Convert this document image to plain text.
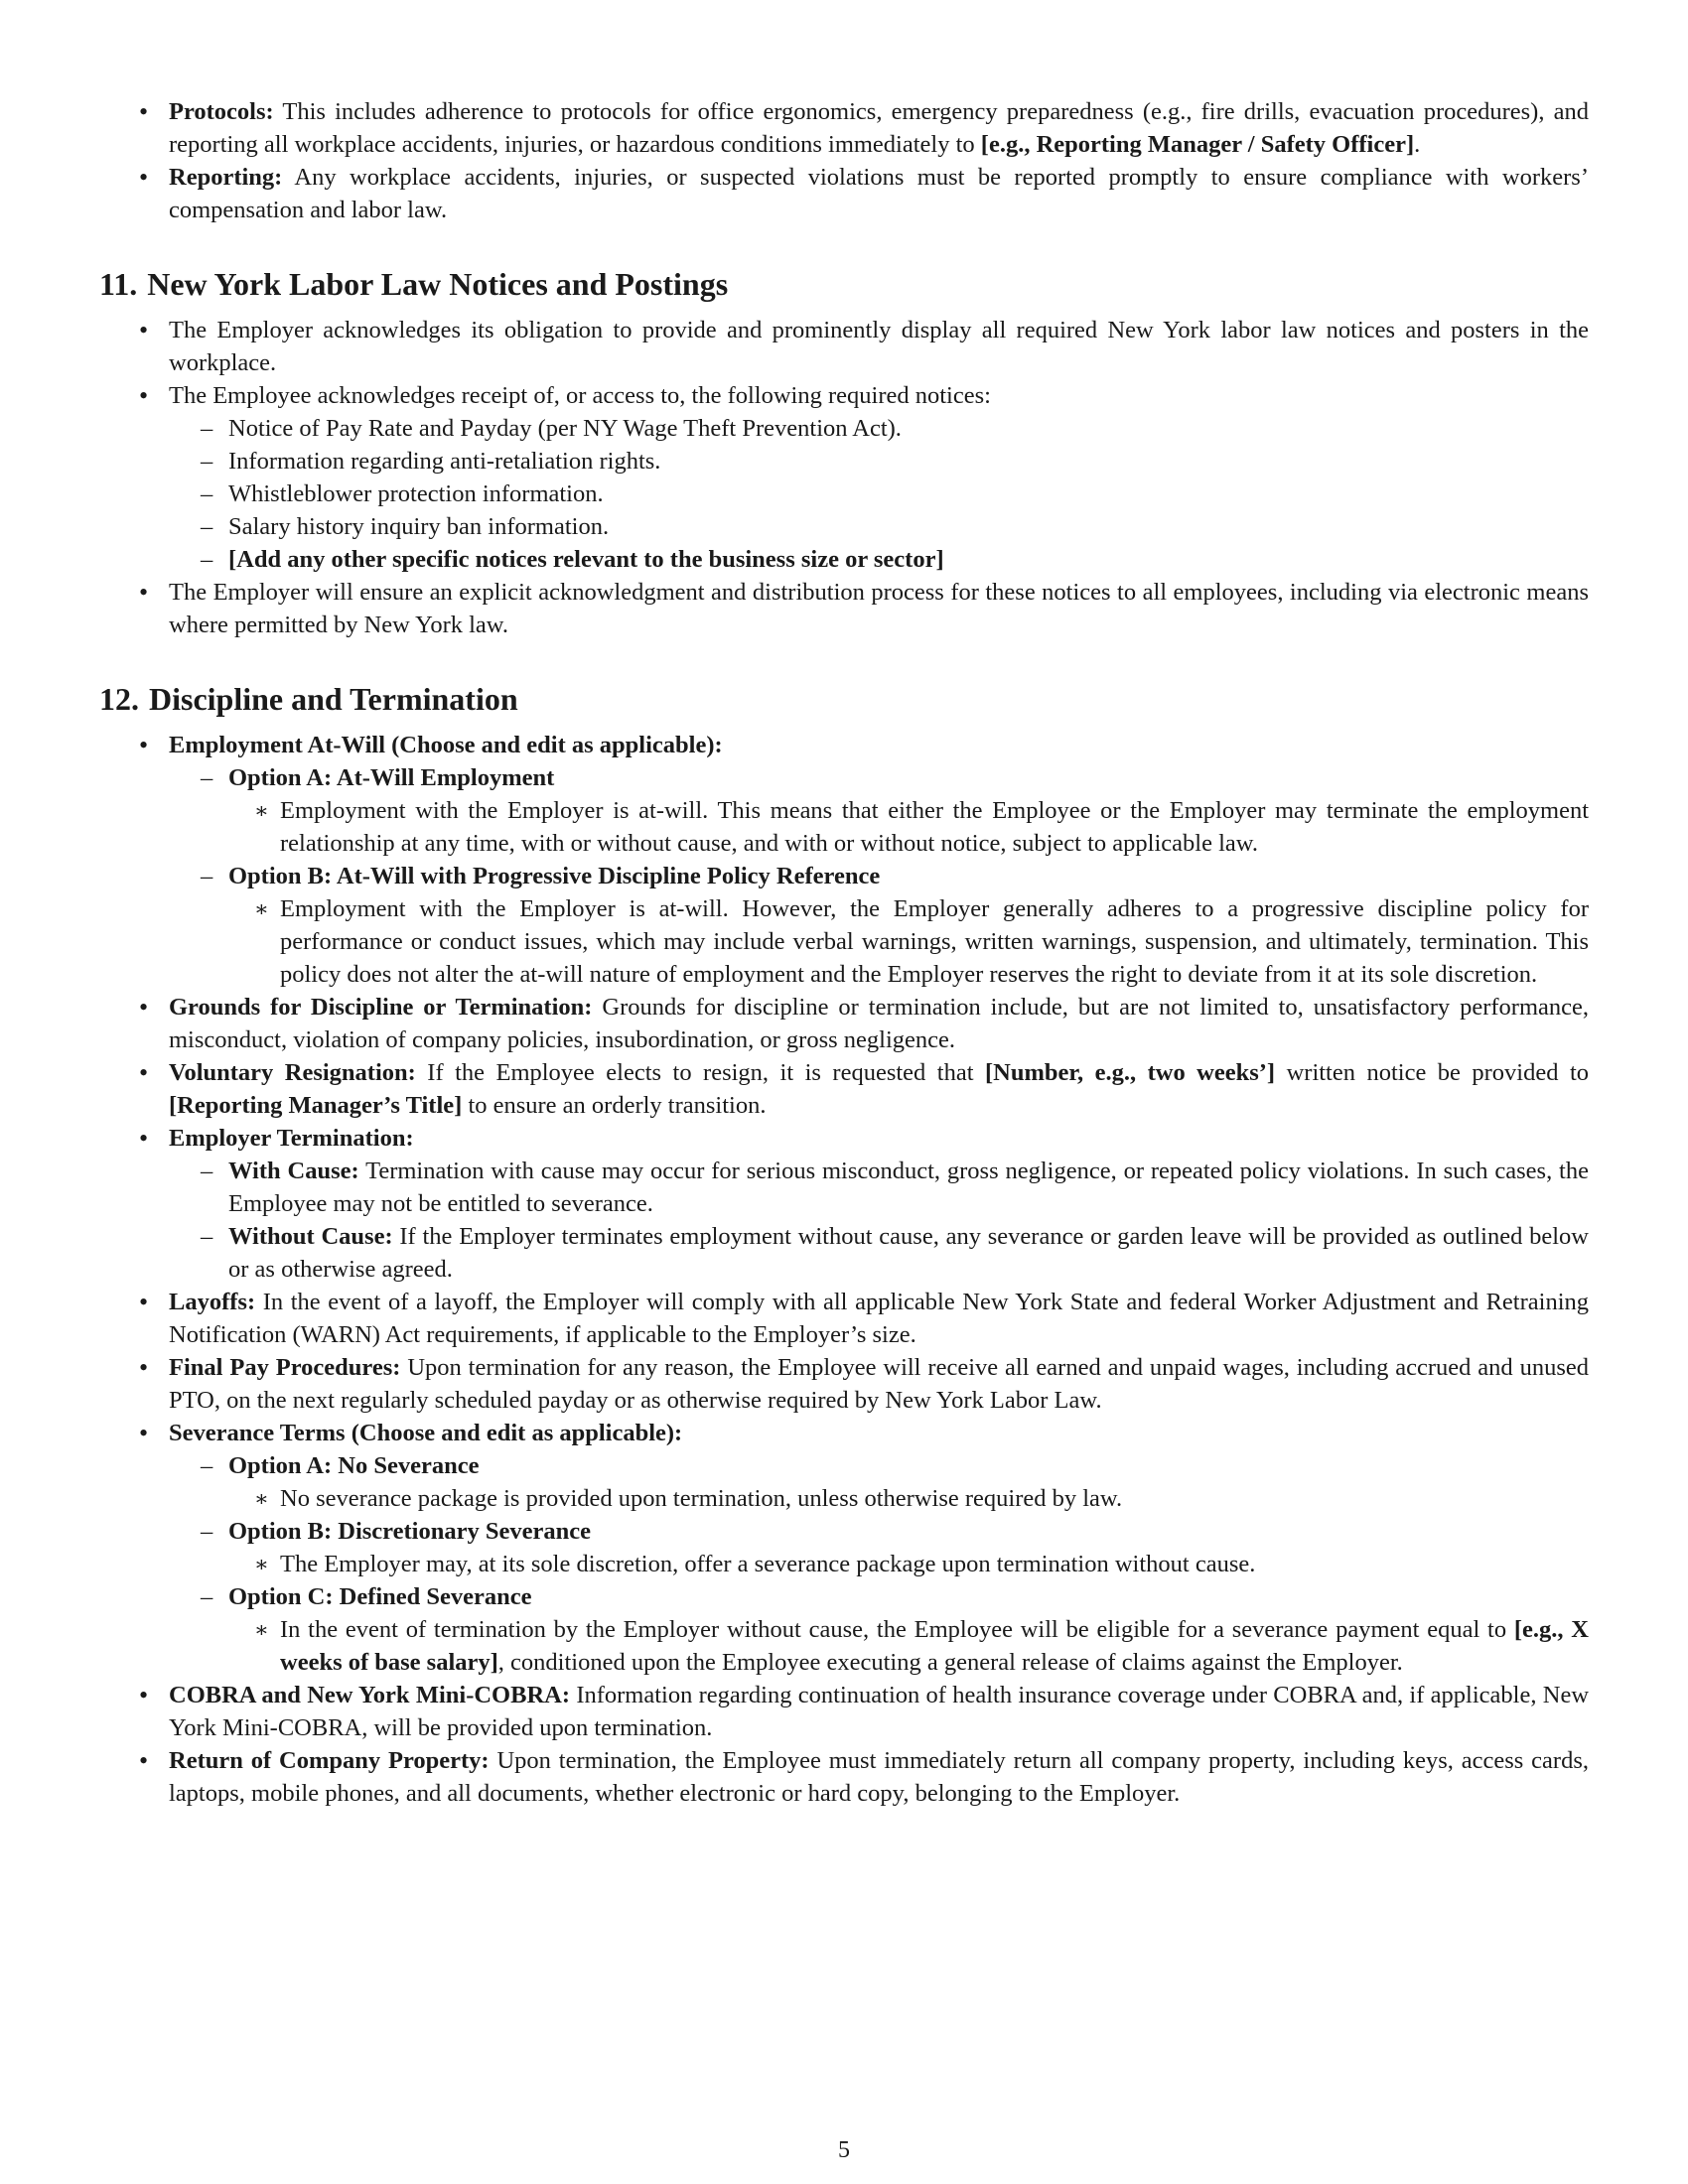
• Protocols: This includes adherence to protocols for office ergonomics, emergency preparedness (e.g., fire drills, evacuation procedures), and reporting all workplace accidents, injuries, or hazardous conditions immediately to [e.g., Reporting Manager / Safety Officer].
• Reporting: Any workplace accidents, injuries, or suspected violations must be reported promptly to ensure compliance with workers’ compensation and labor law.
11. New York Labor Law Notices and Postings
• The Employer acknowledges its obligation to provide and prominently display all required New York labor law notices and posters in the workplace.
• The Employee acknowledges receipt of, or access to, the following required notices:
– Notice of Pay Rate and Payday (per NY Wage Theft Prevention Act).
– Information regarding anti-retaliation rights.
– Whistleblower protection information.
– Salary history inquiry ban information.
– [Add any other specific notices relevant to the business size or sector]
• The Employer will ensure an explicit acknowledgment and distribution process for these notices to all employees, including via electronic means where permitted by New York law.
12. Discipline and Termination
• Employment At-Will (Choose and edit as applicable):
– Option A: At-Will Employment
∗ Employment with the Employer is at-will. This means that either the Employee or the Employer may terminate the employment relationship at any time, with or without cause, and with or without notice, subject to applicable law.
– Option B: At-Will with Progressive Discipline Policy Reference
∗ Employment with the Employer is at-will. However, the Employer generally adheres to a progressive discipline policy for performance or conduct issues, which may include verbal warnings, written warnings, suspension, and ultimately, termination. This policy does not alter the at-will nature of employment and the Employer reserves the right to deviate from it at its sole discretion.
• Grounds for Discipline or Termination: Grounds for discipline or termination include, but are not limited to, unsatisfactory performance, misconduct, violation of company policies, insubordination, or gross negligence.
• Voluntary Resignation: If the Employee elects to resign, it is requested that [Number, e.g., two weeks’] written notice be provided to [Reporting Manager’s Title] to ensure an orderly transition.
• Employer Termination:
– With Cause: Termination with cause may occur for serious misconduct, gross negligence, or repeated policy violations. In such cases, the Employee may not be entitled to severance.
– Without Cause: If the Employer terminates employment without cause, any severance or garden leave will be provided as outlined below or as otherwise agreed.
• Layoffs: In the event of a layoff, the Employer will comply with all applicable New York State and federal Worker Adjustment and Retraining Notification (WARN) Act requirements, if applicable to the Employer’s size.
• Final Pay Procedures: Upon termination for any reason, the Employee will receive all earned and unpaid wages, including accrued and unused PTO, on the next regularly scheduled payday or as otherwise required by New York Labor Law.
• Severance Terms (Choose and edit as applicable):
– Option A: No Severance
∗ No severance package is provided upon termination, unless otherwise required by law.
– Option B: Discretionary Severance
∗ The Employer may, at its sole discretion, offer a severance package upon termination without cause.
– Option C: Defined Severance
∗ In the event of termination by the Employer without cause, the Employee will be eligible for a severance payment equal to [e.g., X weeks of base salary], conditioned upon the Employee executing a general release of claims against the Employer.
• COBRA and New York Mini-COBRA: Information regarding continuation of health insurance coverage under COBRA and, if applicable, New York Mini-COBRA, will be provided upon termination.
• Return of Company Property: Upon termination, the Employee must immediately return all company property, including keys, access cards, laptops, mobile phones, and all documents, whether electronic or hard copy, belonging to the Employer.
5
